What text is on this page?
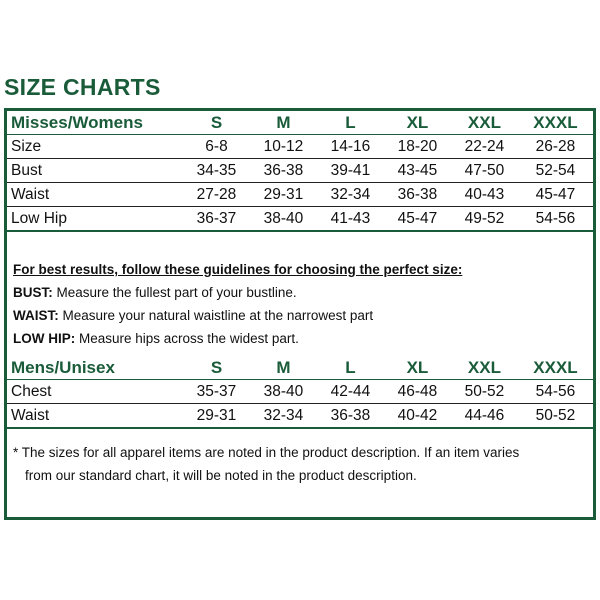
SIZE CHARTS
Misses/Womens	S	M	L	XL	XXL	XXXL
Size	6-8	10-12	14-16	18-20	22-24	26-28
Bust	34-35	36-38	39-41	43-45	47-50	52-54
Waist	27-28	29-31	32-34	36-38	40-43	45-47
Low Hip	36-37	38-40	41-43	45-47	49-52	54-56
For best results, follow these guidelines for choosing the perfect size:
BUST: Measure the fullest part of your bustline.
WAIST: Measure your natural waistline at the narrowest part
LOW HIP: Measure hips across the widest part.
Mens/Unisex	S	M	L	XL	XXL	XXXL
Chest	35-37	38-40	42-44	46-48	50-52	54-56
Waist	29-31	32-34	36-38	40-42	44-46	50-52
* The sizes for all apparel items are noted in the product description. If an item varies
from our standard chart, it will be noted in the product description.
